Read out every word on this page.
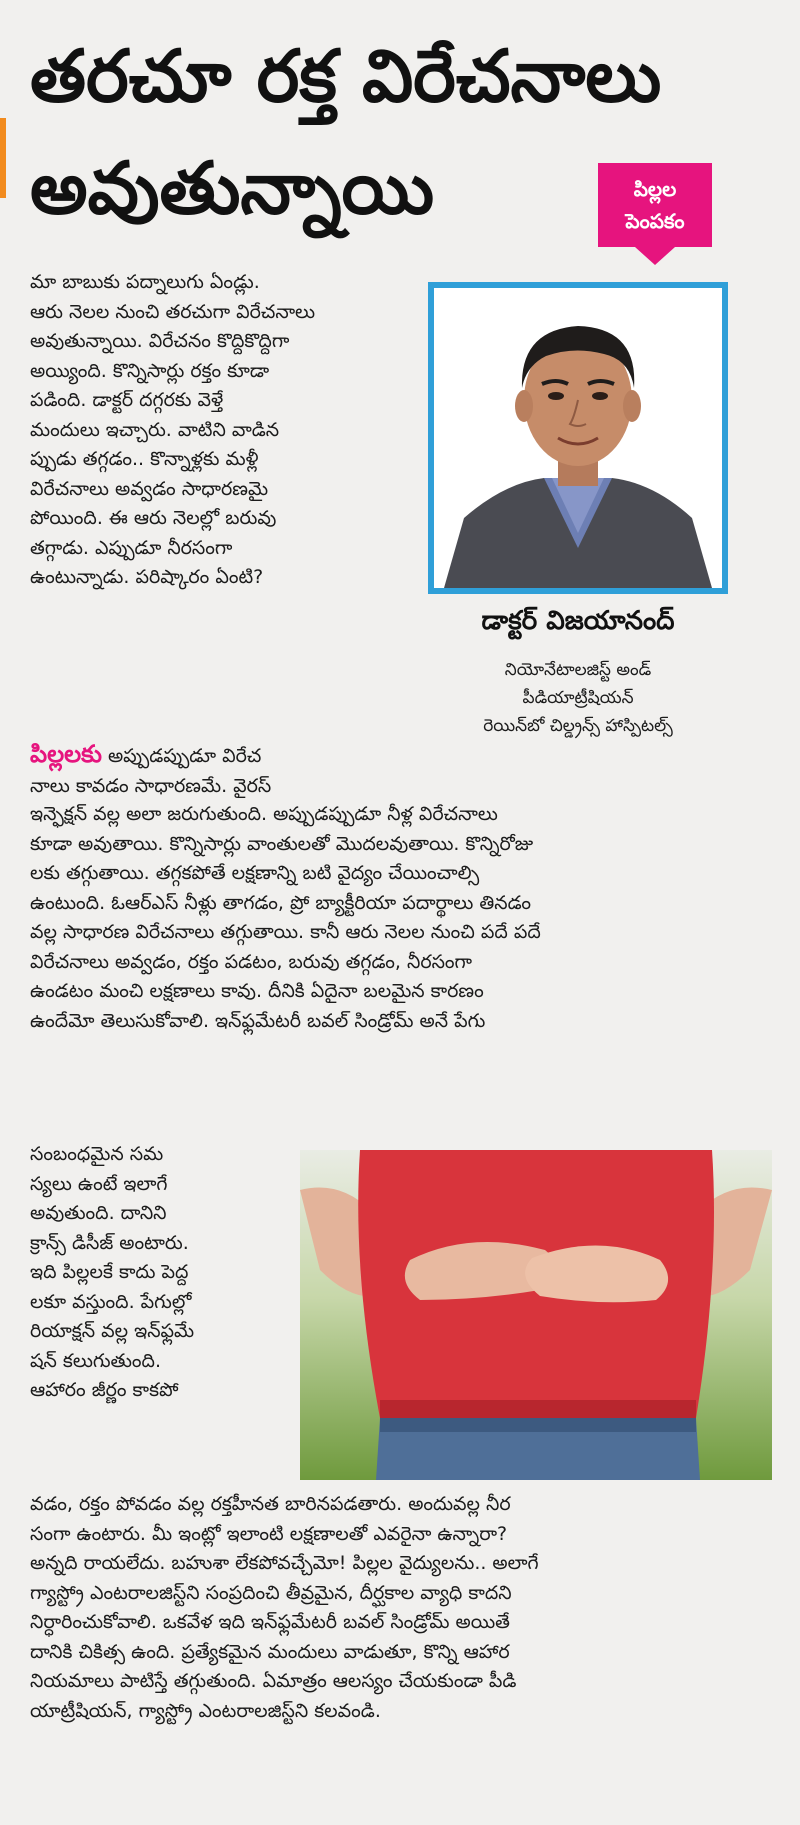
తరచూ రక్త విరేచనాలు
అవుతున్నాయి	పిల్లల
పెంపకం
మా బాబుకు పద్నాలుగు ఏండ్లు.
ఆరు నెలల నుంచి తరచుగా విరేచనాలు
అవుతున్నాయి. విరేచనం కొద్దికొద్దిగా
అయ్యింది. కొన్నిసార్లు రక్తం కూడా
పడింది. డాక్టర్ దగ్గరకు వెళ్తే
మందులు ఇచ్చారు. వాటిని వాడిన
ప్పుడు తగ్గడం.. కొన్నాళ్లకు మళ్లీ
విరేచనాలు అవ్వడం సాధారణమై
పోయింది. ఈ ఆరు నెలల్లో బరువు
తగ్గాడు. ఎప్పుడూ నీరసంగా
ఉంటున్నాడు. పరిష్కారం ఏంటి?

డాక్టర్ విజయానంద్

నియోనేటాలజిస్ట్ అండ్

పీడియాట్రీషియన్

రెయిన్‌బో చిల్డ్రన్స్ హాస్పిటల్స్

పిల్లలకు అప్పుడప్పుడూ విరేచ
నాలు కావడం సాధారణమే. వైరస్
ఇన్ఫెక్షన్ వల్ల అలా జరుగుతుంది. అప్పుడప్పుడూ నీళ్ల విరేచనాలు
కూడా అవుతాయి. కొన్నిసార్లు వాంతులతో మొదలవుతాయి. కొన్నిరోజు
లకు తగ్గుతాయి. తగ్గకపోతే లక్షణాన్ని బటి వైద్యం చేయించాల్సి
ఉంటుంది. ఓఆర్ఎస్ నీళ్లు తాగడం, ప్రో బ్యాక్టీరియా పదార్థాలు తినడం
వల్ల సాధారణ విరేచనాలు తగ్గుతాయి. కానీ ఆరు నెలల నుంచి పదే పదే
విరేచనాలు అవ్వడం, రక్తం పడటం, బరువు తగ్గడం, నీరసంగా
ఉండటం మంచి లక్షణాలు కావు. దీనికి ఏదైనా బలమైన కారణం
ఉందేమో తెలుసుకోవాలి. ఇన్‌ఫ్లమేటరీ బవల్ సిండ్రోమ్ అనే పేగు
సంబంధమైన సమ
స్యలు ఉంటే ఇలాగే
అవుతుంది. దానిని
క్రాన్స్ డిసీజ్ అంటారు.
ఇది పిల్లలకే కాదు పెద్ద
లకూ వస్తుంది. పేగుల్లో
రియాక్షన్ వల్ల ఇన్‌ఫ్లమే
షన్ కలుగుతుంది.
ఆహారం జీర్ణం కాకపో
వడం, రక్తం పోవడం వల్ల రక్తహీనత బారినపడతారు. అందువల్ల నీర
సంగా ఉంటారు. మీ ఇంట్లో ఇలాంటి లక్షణాలతో ఎవరైనా ఉన్నారా?
అన్నది రాయలేదు. బహుశా లేకపోవచ్చేమో! పిల్లల వైద్యులను.. అలాగే
గ్యాస్ట్రో ఎంటరాలజిస్ట్‌ని సంప్రదించి తీవ్రమైన, దీర్ఘకాల వ్యాధి కాదని
నిర్ధారించుకోవాలి. ఒకవేళ ఇది ఇన్‌ఫ్లమేటరీ బవల్ సిండ్రోమ్ అయితే
దానికి చికిత్స ఉంది. ప్రత్యేకమైన మందులు వాడుతూ, కొన్ని ఆహార
నియమాలు పాటిస్తే తగ్గుతుంది. ఏమాత్రం ఆలస్యం చేయకుండా పీడి
యాట్రీషియన్, గ్యాస్ట్రో ఎంటరాలజిస్ట్‌ని కలవండి.
